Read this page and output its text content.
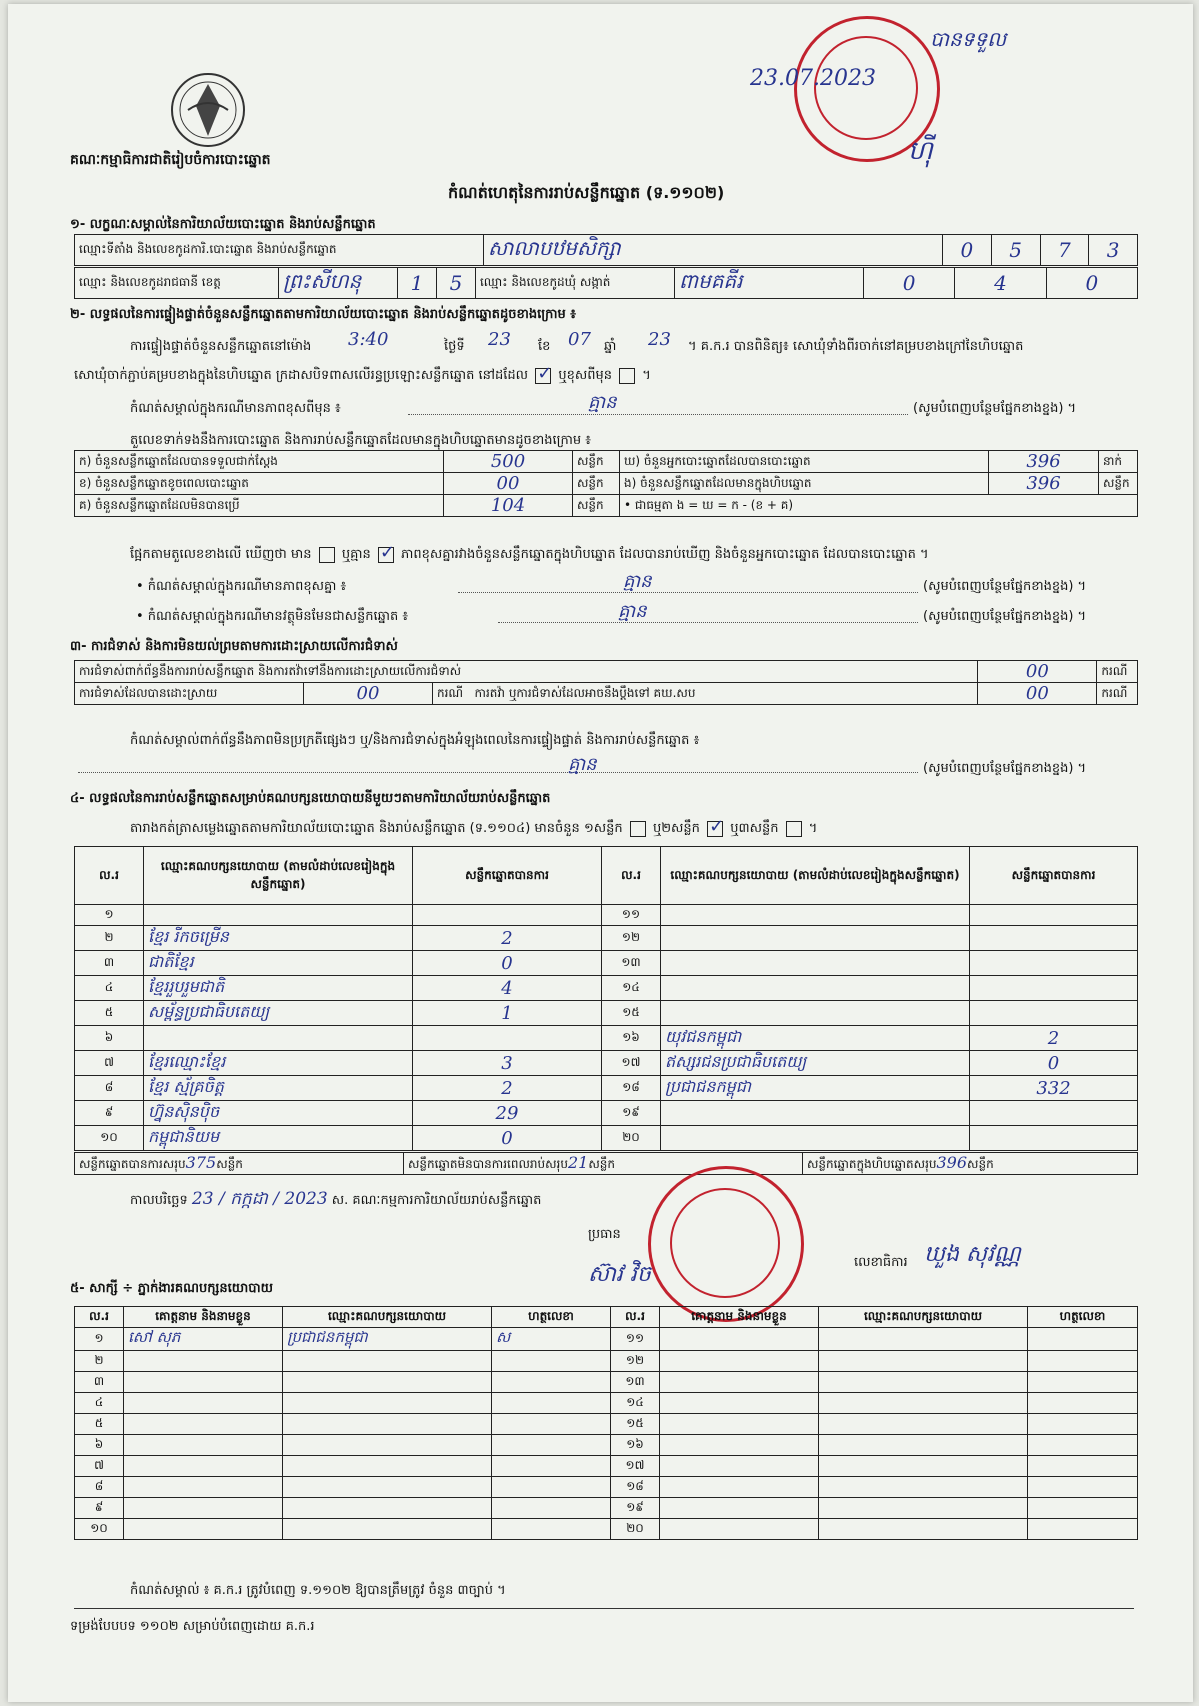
គណៈកម្មាធិការជាតិរៀបចំការបោះឆ្នោត
បានទទួល
23.07.2023
ហ៊ី
កំណត់ហេតុនៃការរាប់សន្លឹកឆ្នោត (ទ.១១០២)
១- លក្ខណៈសម្គាល់នៃការិយាល័យបោះឆ្នោត និងរាប់សន្លឹកឆ្នោត
ឈ្មោះទីតាំង និងលេខកូដការិ.បោះឆ្នោត និងរាប់សន្លឹកឆ្នោត	សាលាបឋមសិក្សា	0	5	7	3
ឈ្មោះ និងលេខកូដរាជធានី ខេត្ត	ព្រះសីហនុ	1	5	ឈ្មោះ និងលេខកូដឃុំ សង្កាត់	ពាមគគីរ	0	4	0
២- លទ្ធផលនៃការផ្ទៀងផ្ទាត់ចំនួនសន្លឹកឆ្នោតតាមការិយាល័យបោះឆ្នោត និងរាប់សន្លឹកឆ្នោតដូចខាងក្រោម ៖
ការផ្ទៀងផ្ទាត់ចំនួនសន្លឹកឆ្នោតនៅម៉ោង 3:40	ថ្ងៃទី 23 ខែ 07 ឆ្នាំ 23 ។ គ.ក.រ បានពិនិត្យ៖ សោឃុំទាំងពីរចាក់នៅគម្របខាងក្រៅនៃហិបឆ្នោត
សោឃុំចាក់ភ្ជាប់គម្របខាងក្នុងនៃហិបឆ្នោត ក្រដាសបិទពាសលើរន្ធប្រឡោះសន្លឹកឆ្នោត នៅដដែល ✓ ឬខុសពីមុន  ។
កំណត់សម្គាល់ក្នុងករណីមានភាពខុសពីមុន ៖	គ្មាន	(សូមបំពេញបន្ថែមផ្នែកខាងខ្នង) ។
តួលេខទាក់ទងនឹងការបោះឆ្នោត និងការរាប់សន្លឹកឆ្នោតដែលមានក្នុងហិបឆ្នោតមានដូចខាងក្រោម ៖
ក) ចំនួនសន្លឹកឆ្នោតដែលបានទទួលជាក់ស្តែង	500	សន្លឹក	ឃ) ចំនួនអ្នកបោះឆ្នោតដែលបានបោះឆ្នោត	396	នាក់
ខ) ចំនួនសន្លឹកឆ្នោតខូចពេលបោះឆ្នោត	00	សន្លឹក	ង) ចំនួនសន្លឹកឆ្នោតដែលមានក្នុងហិបឆ្នោត	396	សន្លឹក
គ) ចំនួនសន្លឹកឆ្នោតដែលមិនបានប្រើ	104	សន្លឹក	• ជាធម្មតា ង = ឃ = ក - (ខ + គ)		
ផ្អែកតាមតួលេខខាងលើ ឃើញថា មាន ឬគ្មាន ✓ ភាពខុសគ្នារវាងចំនួនសន្លឹកឆ្នោតក្នុងហិបឆ្នោត ដែលបានរាប់ឃើញ និងចំនួនអ្នកបោះឆ្នោត ដែលបានបោះឆ្នោត ។
• កំណត់សម្គាល់ក្នុងករណីមានភាពខុសគ្នា ៖	គ្មាន	(សូមបំពេញបន្ថែមផ្នែកខាងខ្នង) ។
• កំណត់សម្គាល់ក្នុងករណីមានវត្ថុមិនមែនជាសន្លឹកឆ្នោត ៖	គ្មាន	(សូមបំពេញបន្ថែមផ្នែកខាងខ្នង) ។
៣- ការជំទាស់ និងការមិនយល់ព្រមតាមការដោះស្រាយលើការជំទាស់
ការជំទាស់ពាក់ព័ន្ធនឹងការរាប់សន្លឹកឆ្នោត និងការតវ៉ាទៅនឹងការដោះស្រាយលើការជំទាស់			00	ករណី
ការជំទាស់ដែលបានដោះស្រាយ	00	ករណី ការតវ៉ា ឬការជំទាស់ដែលអាចនឹងប្តឹងទៅ គឃ.សប	00	ករណី
កំណត់សម្គាល់ពាក់ព័ន្ធនឹងភាពមិនប្រក្រតីផ្សេងៗ ឬ/និងការជំទាស់ក្នុងអំឡុងពេលនៃការផ្ទៀងផ្ទាត់ និងការរាប់សន្លឹកឆ្នោត ៖
គ្មាន	(សូមបំពេញបន្ថែមផ្នែកខាងខ្នង) ។
៤- លទ្ធផលនៃការរាប់សន្លឹកឆ្នោតសម្រាប់គណបក្សនយោបាយនីមួយៗតាមការិយាល័យរាប់សន្លឹកឆ្នោត
តារាងកត់ត្រាសម្លេងឆ្នោតតាមការិយាល័យបោះឆ្នោត និងរាប់សន្លឹកឆ្នោត (ទ.១១០៤) មានចំនួន ១សន្លឹក ឬ២សន្លឹក ✓ ឬ៣សន្លឹក  ។
ល.រ	ឈ្មោះគណបក្សនយោបាយ (តាមលំដាប់លេខរៀងក្នុងសន្លឹកឆ្នោត)	សន្លឹកឆ្នោតបានការ	ល.រ	ឈ្មោះគណបក្សនយោបាយ (តាមលំដាប់លេខរៀងក្នុងសន្លឹកឆ្នោត)	សន្លឹកឆ្នោតបានការ
១			១១		
២	ខ្មែរ រីកចម្រើន	2	១២		
៣	ជាតិខ្មែរ	0	១៣		
៤	ខ្មែររួបរួមជាតិ	4	១៤		
៥	សម្ព័ន្ធប្រជាធិបតេយ្យ	1	១៥		
៦			១៦	យុវជនកម្ពុជា	2
៧	ខ្មែរឈ្មោះខ្មែរ	3	១៧	ឥស្សរជនប្រជាធិបតេយ្យ	0
៨	ខ្មែរ ស្ម័គ្រចិត្ត	2	១៨	ប្រជាជនកម្ពុជា	332
៩	ហ្វ៊ុនស៊ិនប៉ិច	29	១៩		
១០	កម្ពុជានិយម	0	២០		
សន្លឹកឆ្នោតបានការសរុប375សន្លឹក	សន្លឹកឆ្នោតមិនបានការពេលរាប់សរុប21សន្លឹក	សន្លឹកឆ្នោតក្នុងហិបឆ្នោតសរុប396សន្លឹក
កាលបរិច្ឆេទ 23 / កក្កដា / 2023 ស. គណៈកម្មការការិយាល័យរាប់សន្លឹកឆ្នោត
ប្រធាន
ស៊ាវ វិច	លេខាធិការ ឃួង សុវណ្ណ
៥- សាក្សី ÷ ភ្នាក់ងារគណបក្សនយោបាយ
ល.រ	គោត្តនាម និងនាមខ្លួន	ឈ្មោះគណបក្សនយោបាយ	ហត្ថលេខា	ល.រ	គោត្តនាម និងនាមខ្លួន	ឈ្មោះគណបក្សនយោបាយ	ហត្ថលេខា
១	សៅ សុភ	ប្រជាជនកម្ពុជា	ស	១១			
២				១២			
៣				១៣			
៤				១៤			
៥				១៥			
៦				១៦			
៧				១៧			
៨				១៨			
៩				១៩			
១០				២០			
កំណត់សម្គាល់ ៖ គ.ក.រ ត្រូវបំពេញ ទ.១១០២ ឱ្យបានត្រឹមត្រូវ ចំនួន ៣ច្បាប់ ។
ទម្រង់បែបបទ ១១០២ សម្រាប់បំពេញដោយ គ.ក.រ
